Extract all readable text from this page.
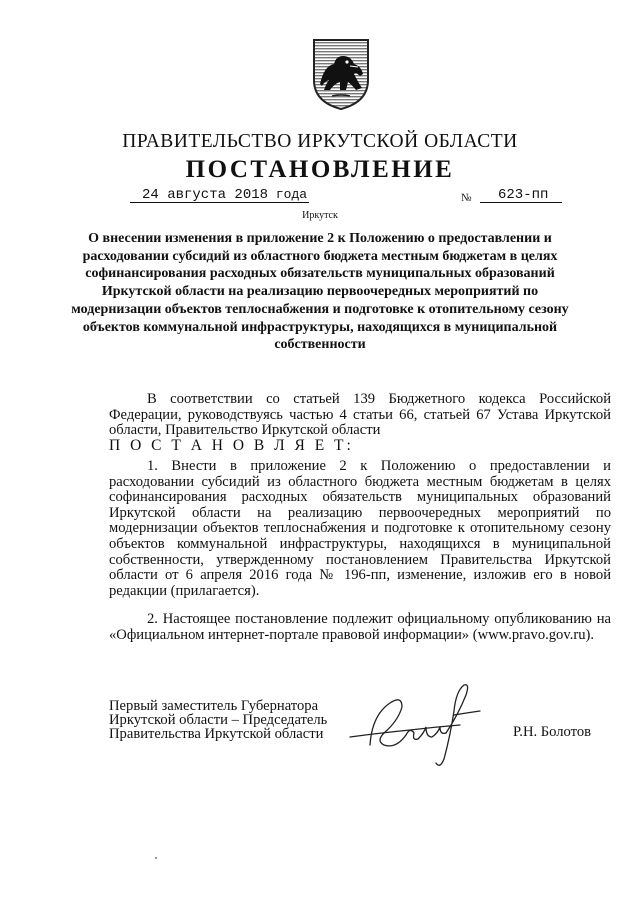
ПРАВИТЕЛЬСТВО ИРКУТСКОЙ ОБЛАСТИ
ПОСТАНОВЛЕНИЕ
24 августа 2018 года	№	623-пп
Иркутск
О внесении изменения в приложение 2 к Положению о предоставлении и расходовании субсидий из областного бюджета местным бюджетам в целях софинансирования расходных обязательств муниципальных образований Иркутской области на реализацию первоочередных мероприятий по модернизации объектов теплоснабжения и подготовке к отопительному сезону объектов коммунальной инфраструктуры, находящихся в муниципальной собственности
В соответствии со статьей 139 Бюджетного кодекса Российской Федерации, руководствуясь частью 4 статьи 66, статьей 67 Устава Иркутской области, Правительство Иркутской области
П О С Т А Н О В Л Я Е Т:
1. Внести в приложение 2 к Положению о предоставлении и расходовании субсидий из областного бюджета местным бюджетам в целях софинансирования расходных обязательств муниципальных образований Иркутской области на реализацию первоочередных мероприятий по модернизации объектов теплоснабжения и подготовке к отопительному сезону объектов коммунальной инфраструктуры, находящихся в муниципальной собственности, утвержденному постановлением Правительства Иркутской области от 6 апреля 2016 года № 196-пп, изменение, изложив его в новой редакции (прилагается).
2. Настоящее постановление подлежит официальному опубликованию на «Официальном интернет-портале правовой информации» (www.pravo.gov.ru).
Первый заместитель Губернатора
Иркутской области – Председатель
Правительства Иркутской области	Р.Н. Болотов
